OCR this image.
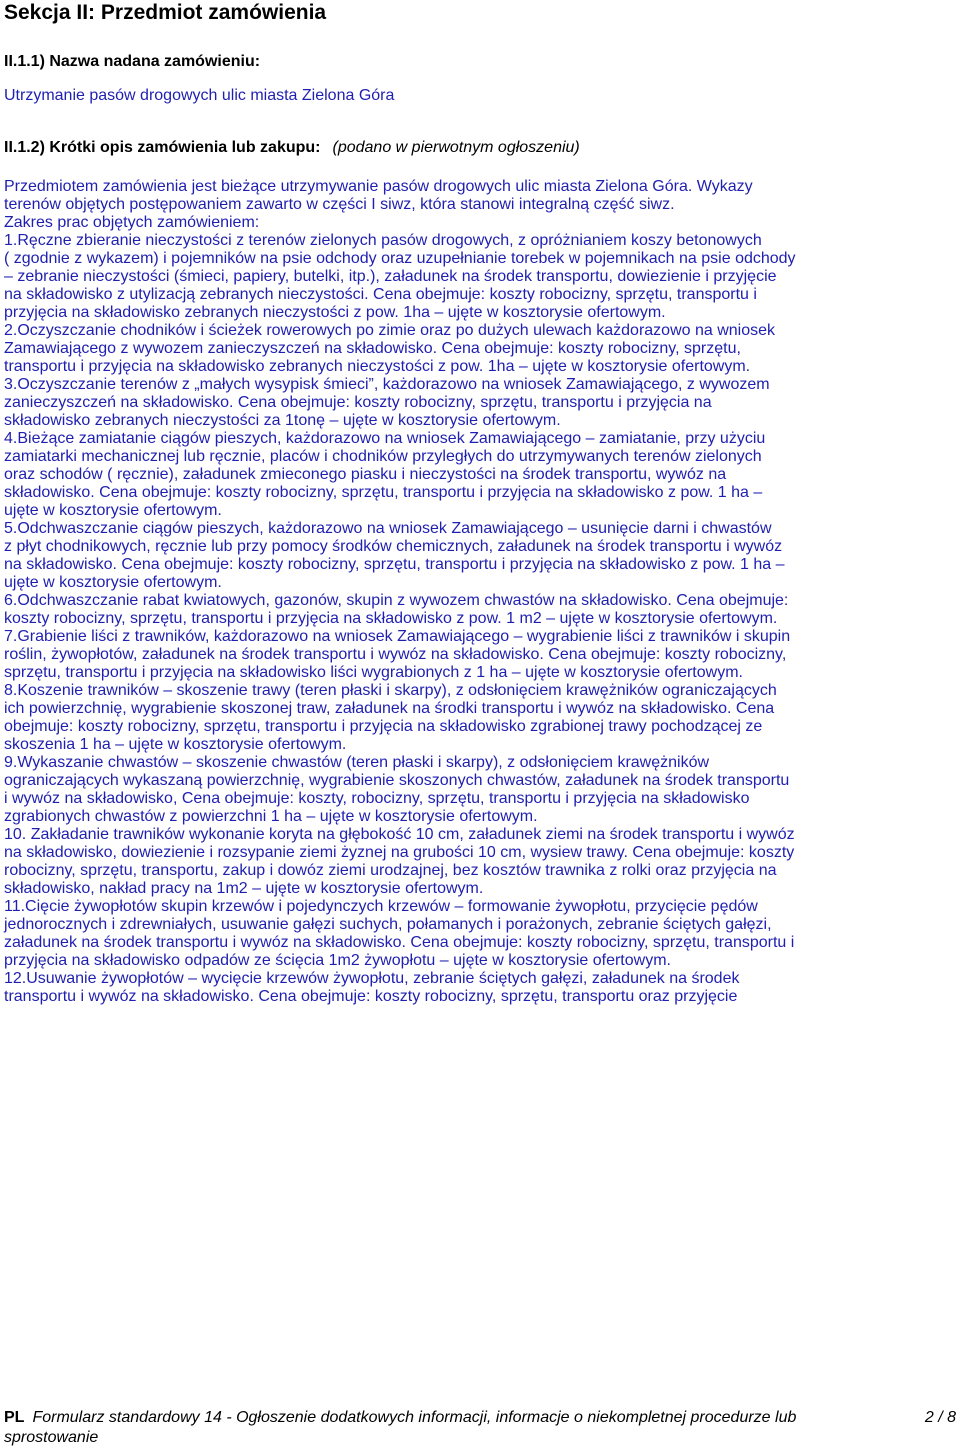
Sekcja II: Przedmiot zamówienia
II.1.1) Nazwa nadana zamówieniu:
Utrzymanie pasów drogowych ulic miasta Zielona Góra
II.1.2) Krótki opis zamówienia lub zakupu: (podano w pierwotnym ogłoszeniu)
Przedmiotem zamówienia jest bieżące utrzymywanie pasów drogowych ulic miasta Zielona Góra. Wykazy
terenów objętych postępowaniem zawarto w części I siwz, która stanowi integralną część siwz.
Zakres prac objętych zamówieniem:
1.Ręczne zbieranie nieczystości z terenów zielonych pasów drogowych, z opróżnianiem koszy betonowych
( zgodnie z wykazem) i pojemników na psie odchody oraz uzupełnianie torebek w pojemnikach na psie odchody
– zebranie nieczystości (śmieci, papiery, butelki, itp.), załadunek na środek transportu, dowiezienie i przyjęcie
na składowisko z utylizacją zebranych nieczystości. Cena obejmuje: koszty robocizny, sprzętu, transportu i
przyjęcia na składowisko zebranych nieczystości z pow. 1ha – ujęte w kosztorysie ofertowym.
2.Oczyszczanie chodników i ścieżek rowerowych po zimie oraz po dużych ulewach każdorazowo na wniosek
Zamawiającego z wywozem zanieczyszczeń na składowisko. Cena obejmuje: koszty robocizny, sprzętu,
transportu i przyjęcia na składowisko zebranych nieczystości z pow. 1ha – ujęte w kosztorysie ofertowym.
3.Oczyszczanie terenów z „małych wysypisk śmieci”, każdorazowo na wniosek Zamawiającego, z wywozem
zanieczyszczeń na składowisko. Cena obejmuje: koszty robocizny, sprzętu, transportu i przyjęcia na
składowisko zebranych nieczystości za 1tonę – ujęte w kosztorysie ofertowym.
4.Bieżące zamiatanie ciągów pieszych, każdorazowo na wniosek Zamawiającego – zamiatanie, przy użyciu
zamiatarki mechanicznej lub ręcznie, placów i chodników przyległych do utrzymywanych terenów zielonych
oraz schodów ( ręcznie), załadunek zmieconego piasku i nieczystości na środek transportu, wywóz na
składowisko. Cena obejmuje: koszty robocizny, sprzętu, transportu i przyjęcia na składowisko z pow. 1 ha –
ujęte w kosztorysie ofertowym.
5.Odchwaszczanie ciągów pieszych, każdorazowo na wniosek Zamawiającego – usunięcie darni i chwastów
z płyt chodnikowych, ręcznie lub przy pomocy środków chemicznych, załadunek na środek transportu i wywóz
na składowisko. Cena obejmuje: koszty robocizny, sprzętu, transportu i przyjęcia na składowisko z pow. 1 ha –
ujęte w kosztorysie ofertowym.
6.Odchwaszczanie rabat kwiatowych, gazonów, skupin z wywozem chwastów na składowisko. Cena obejmuje:
koszty robocizny, sprzętu, transportu i przyjęcia na składowisko z pow. 1 m2 – ujęte w kosztorysie ofertowym.
7.Grabienie liści z trawników, każdorazowo na wniosek Zamawiającego – wygrabienie liści z trawników i skupin
roślin, żywopłotów, załadunek na środek transportu i wywóz na składowisko. Cena obejmuje: koszty robocizny,
sprzętu, transportu i przyjęcia na składowisko liści wygrabionych z 1 ha – ujęte w kosztorysie ofertowym.
8.Koszenie trawników – skoszenie trawy (teren płaski i skarpy), z odsłonięciem krawężników ograniczających
ich powierzchnię, wygrabienie skoszonej traw, załadunek na środki transportu i wywóz na składowisko. Cena
obejmuje: koszty robocizny, sprzętu, transportu i przyjęcia na składowisko zgrabionej trawy pochodzącej ze
skoszenia 1 ha – ujęte w kosztorysie ofertowym.
9.Wykaszanie chwastów – skoszenie chwastów (teren płaski i skarpy), z odsłonięciem krawężników
ograniczających wykaszaną powierzchnię, wygrabienie skoszonych chwastów, załadunek na środek transportu
i wywóz na składowisko, Cena obejmuje: koszty, robocizny, sprzętu, transportu i przyjęcia na składowisko
zgrabionych chwastów z powierzchni 1 ha – ujęte w kosztorysie ofertowym.
10. Zakładanie trawników wykonanie koryta na głębokość 10 cm, załadunek ziemi na środek transportu i wywóz
na składowisko, dowiezienie i rozsypanie ziemi żyznej na grubości 10 cm, wysiew trawy. Cena obejmuje: koszty
robocizny, sprzętu, transportu, zakup i dowóz ziemi urodzajnej, bez kosztów trawnika z rolki oraz przyjęcia na
składowisko, nakład pracy na 1m2 – ujęte w kosztorysie ofertowym.
11.Cięcie żywopłotów skupin krzewów i pojedynczych krzewów – formowanie żywopłotu, przycięcie pędów
jednorocznych i zdrewniałych, usuwanie gałęzi suchych, połamanych i porażonych, zebranie ściętych gałęzi,
załadunek na środek transportu i wywóz na składowisko. Cena obejmuje: koszty robocizny, sprzętu, transportu i
przyjęcia na składowisko odpadów ze ścięcia 1m2 żywopłotu – ujęte w kosztorysie ofertowym.
12.Usuwanie żywopłotów – wycięcie krzewów żywopłotu, zebranie ściętych gałęzi, załadunek na środek
transportu i wywóz na składowisko. Cena obejmuje: koszty robocizny, sprzętu, transportu oraz przyjęcie
PL Formularz standardowy 14 - Ogłoszenie dodatkowych informacji, informacje o niekompletnej procedurze lub
sprostowanie
2 / 8
